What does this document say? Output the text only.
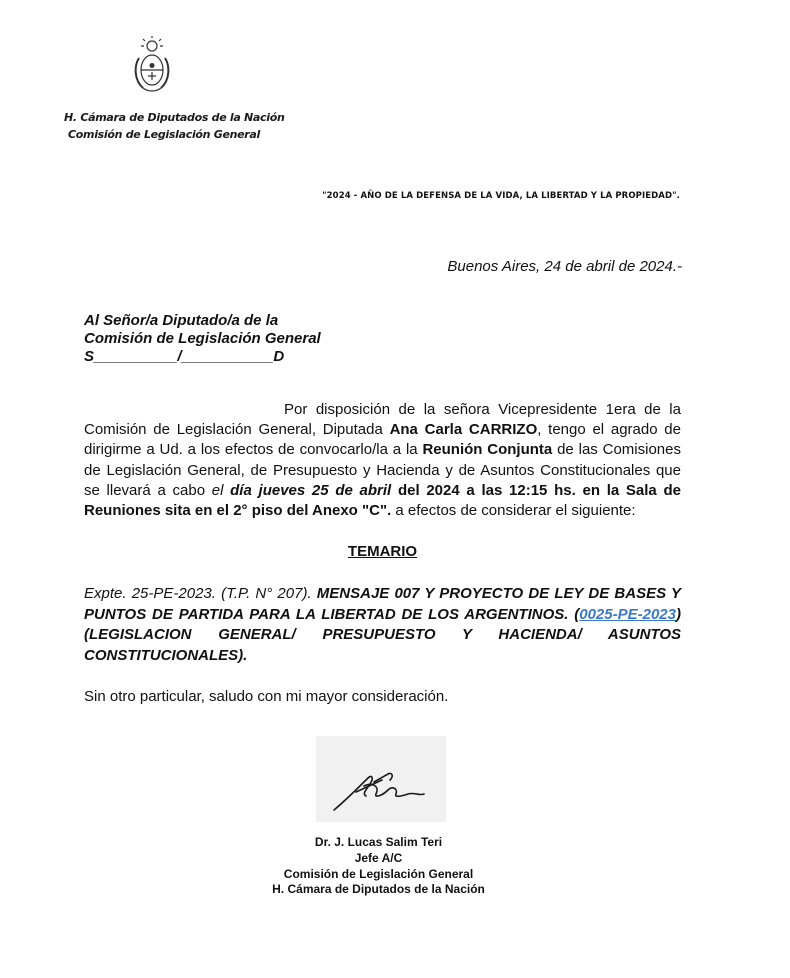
H. Cámara de Diputados de la Nación
Comisión de Legislación General
"2024 - AÑO DE LA DEFENSA DE LA VIDA, LA LIBERTAD Y LA PROPIEDAD".
Buenos Aires, 24 de abril de 2024.-
Al Señor/a Diputado/a de la
Comisión de Legislación General
S__________/___________D
Por disposición de la señora Vicepresidente 1era de la Comisión de Legislación General, Diputada Ana Carla CARRIZO, tengo el agrado de dirigirme a Ud. a los efectos de convocarlo/la a la Reunión Conjunta de las Comisiones de Legislación General, de Presupuesto y Hacienda y de Asuntos Constitucionales que se llevará a cabo el día jueves 25 de abril del 2024 a las 12:15 hs. en la Sala de Reuniones sita en el 2° piso del Anexo "C". a efectos de considerar el siguiente:
TEMARIO
Expte. 25-PE-2023. (T.P. N° 207). MENSAJE 007 Y PROYECTO DE LEY DE BASES Y PUNTOS DE PARTIDA PARA LA LIBERTAD DE LOS ARGENTINOS. (0025-PE-2023) (LEGISLACION GENERAL/ PRESUPUESTO Y HACIENDA/ ASUNTOS CONSTITUCIONALES).
Sin otro particular, saludo con mi mayor consideración.
Dr. J. Lucas Salim Teri
Jefe A/C
Comisión de Legislación General
H. Cámara de Diputados de la Nación
